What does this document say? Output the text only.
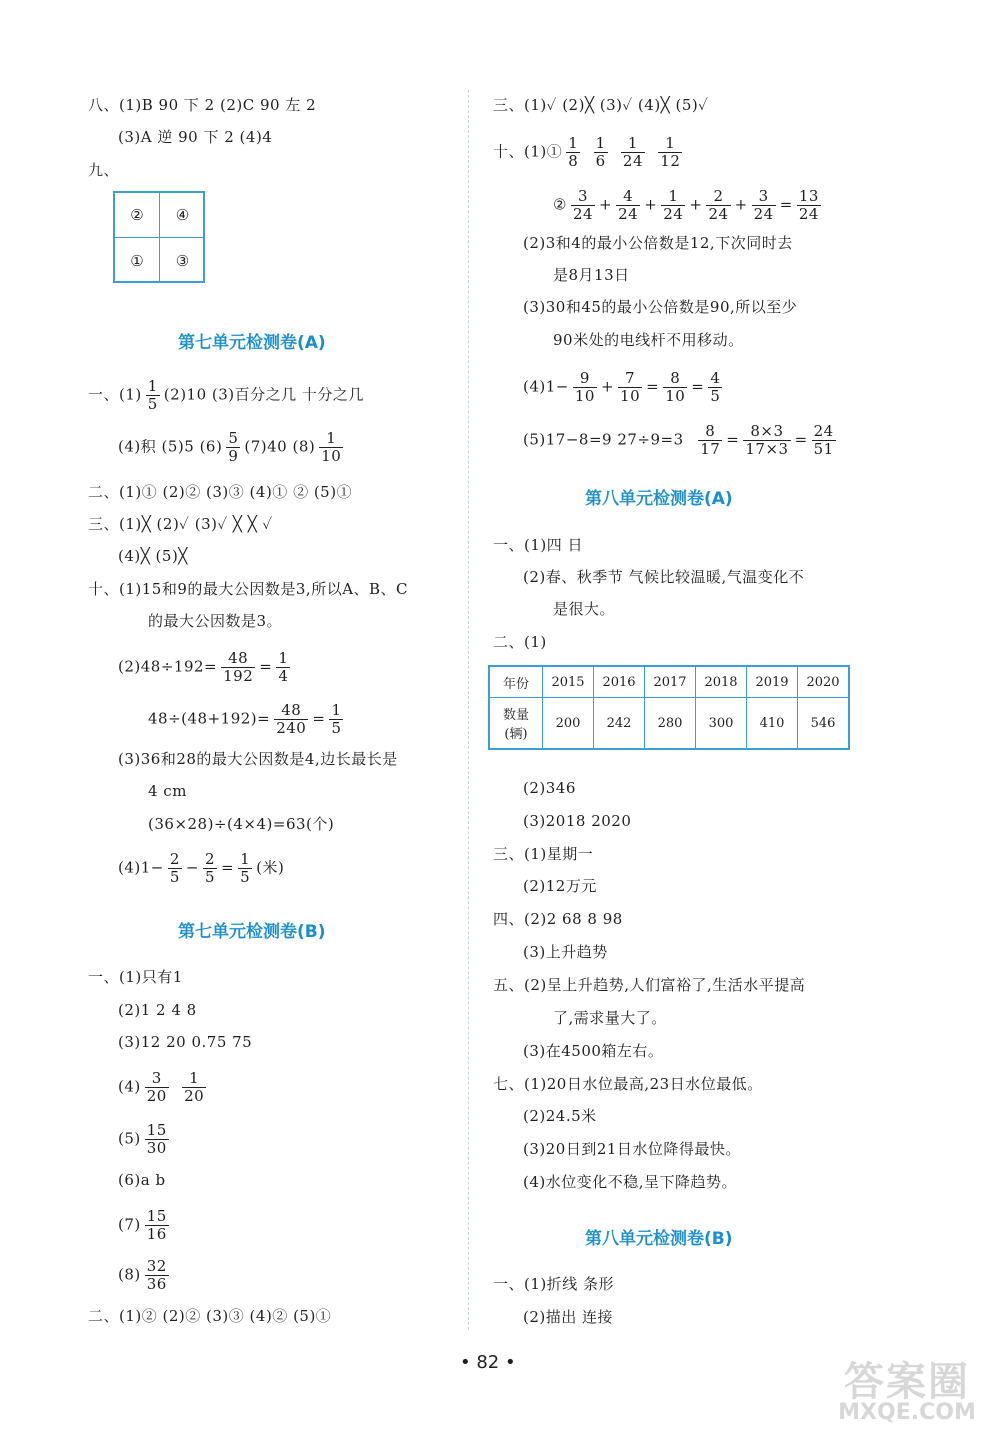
八、(1)B 90 下 2 (2)C 90 左 2
(3)A 逆 90 下 2 (4)4
九、
②	④
①	③
第七单元检测卷(A)
一、$(1) \frac{1}{5} (2)10$ (3)百分之几 十分之几
(4)积 (5)5 $(6) \frac{5}{9} (7)40$ $(8) \frac{1}{10}$
二、(1)① (2)② (3)③ (4)① ② (5)①
三、(1)╳ (2)✓ (3)✓ ╳ ╳ ✓
(4)╳ (5)╳
十、(1)15和9的最大公因数是3,所以A、B、C
的最大公因数是3。
$(2)48\div 192= \frac{48}{192} = \frac{1}{4}$
$48\div(48+192)= \frac{48}{240} = \frac{1}{5}$
(3)36和28的最大公因数是4,边长最长是
4 cm
(36×28)÷(4×4)=63(个)
$(4)1- \frac{2}{5} - \frac{2}{5} = \frac{1}{5}$ (米)
第七单元检测卷(B)
一、(1)只有1
(2)1 2 4 8
(3)12 20 0.75 75
$(4) \frac{3}{20}$
$\frac{1}{20}$
$(5) \frac{15}{30}$
(6)a b
$(7) \frac{15}{16}$
$(8) \frac{32}{36}$
二、(1)② (2)② (3)③ (4)② (5)①
三、(1)✓ (2)╳ (3)✓ (4)╳ (5)✓
十、(1)① $\frac{1}{8}$
$\frac{1}{6}$
$\frac{1}{24}$
$\frac{1}{12}$
② $\frac{3}{24} + \frac{4}{24} + \frac{1}{24} + \frac{2}{24} + \frac{3}{24} = \frac{13}{24}$
(2)3和4的最小公倍数是12,下次同时去
是8月13日
(3)30和45的最小公倍数是90,所以至少
90米处的电线杆不用移动。
$(4)1- \frac{9}{10} + \frac{7}{10} = \frac{8}{10} = \frac{4}{5}$
(5)17−8=9 $27\div 9=3 \frac{8}{17} = \frac{8\times 3}{17\times 3} = \frac{24}{51}$
第八单元检测卷(A)
一、(1)四 日
(2)春、秋季节 气候比较温暖,气温变化不
是很大。
二、(1)
年份	2015	2016	2017	2018	2019	2020
数量
(辆)	200	242	280	300	410	546
(2)346
(3)2018 2020
三、(1)星期一
(2)12万元
四、(2)2 68 8 98
(3)上升趋势
五、(2)呈上升趋势,人们富裕了,生活水平提高
了,需求量大了。
(3)在4500箱左右。
七、(1)20日水位最高,23日水位最低。
(2)24.5米
(3)20日到21日水位降得最快。
(4)水位变化不稳,呈下降趋势。
第八单元检测卷(B)
一、(1)折线 条形
(2)描出 连接
• 82 •	答案圈
MXQE.COM
